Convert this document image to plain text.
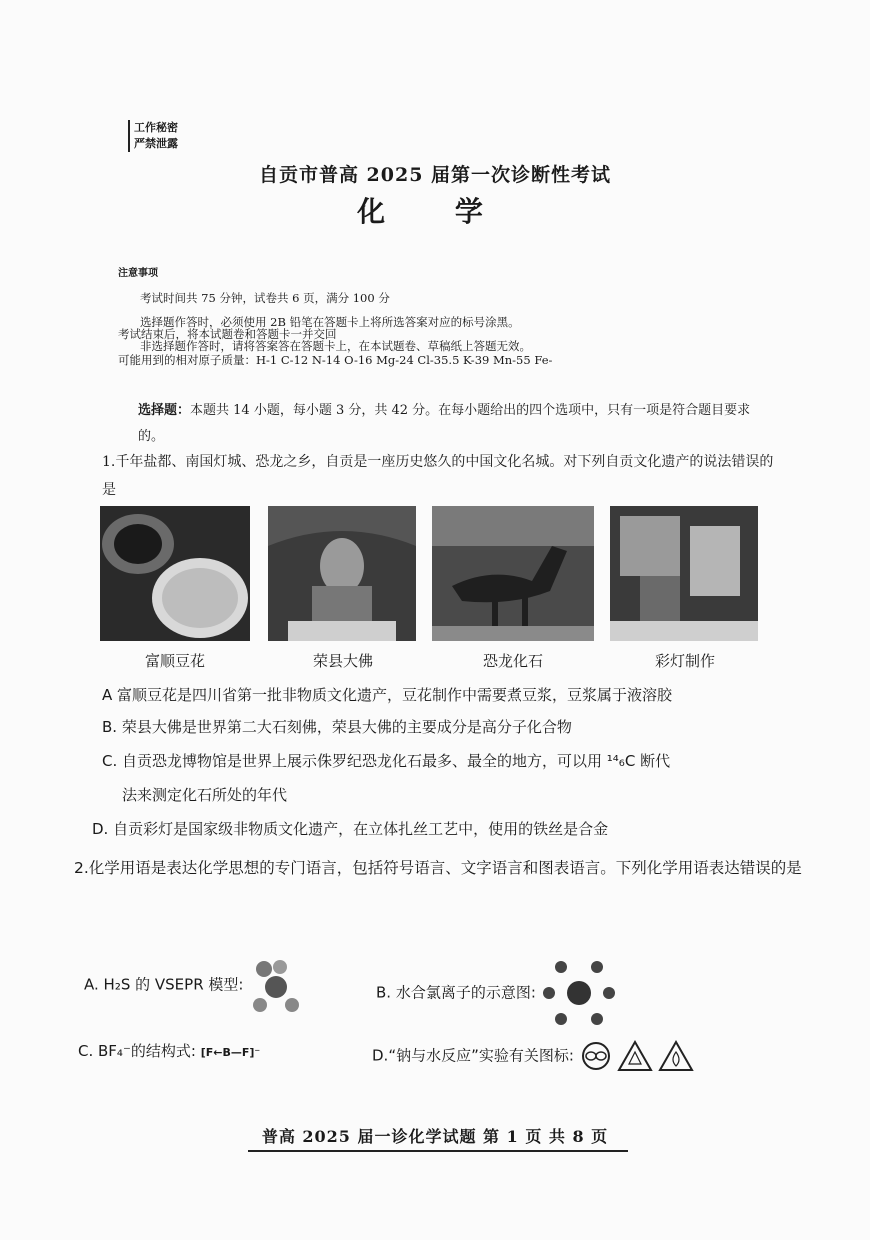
工作秘密
严禁泄露
自贡市普高 2025 届第一次诊断性考试
化 学
注意事项
考试时间共 75 分钟，试卷共 6 页，满分 100 分
选择题作答时，必须使用 2B 铅笔在答题卡上将所选答案对应的标号涂黑。
非选择题作答时，请将答案答在答题卡上，在本试题卷、草稿纸上答题无效。
考试结束后，将本试题卷和答题卡一并交回
可能用到的相对原子质量：H-1 C-12 N-14 O-16 Mg-24 Cl-35.5 K-39 Mn-55 Fe-
选择题：本题共 14 小题，每小题 3 分，共 42 分。在每小题给出的四个选项中，只有一项是符合题目要求的。
1.千年盐都、南国灯城、恐龙之乡，自贡是一座历史悠久的中国文化名城。对下列自贡文化遗产的说法错误的是
富顺豆花	荣县大佛	恐龙化石	彩灯制作
A 富顺豆花是四川省第一批非物质文化遗产，豆花制作中需要煮豆浆，豆浆属于液溶胶
B. 荣县大佛是世界第二大石刻佛，荣县大佛的主要成分是高分子化合物
C. 自贡恐龙博物馆是世界上展示侏罗纪恐龙化石最多、最全的地方，可以用 ¹⁴₆C 断代
法来测定化石所处的年代
D. 自贡彩灯是国家级非物质文化遗产，在立体扎丝工艺中，使用的铁丝是合金
2.化学用语是表达化学思想的专门语言，包括符号语言、文字语言和图表语言。下列化学用语表达错误的是
A. H₂S 的 VSEPR 模型:	B. 水合氯离子的示意图:
C. BF₄⁻的结构式: [F←B—F]⁻	D.“钠与水反应”实验有关图标:
普高 2025 届一诊化学试题 第 1 页 共 8 页
